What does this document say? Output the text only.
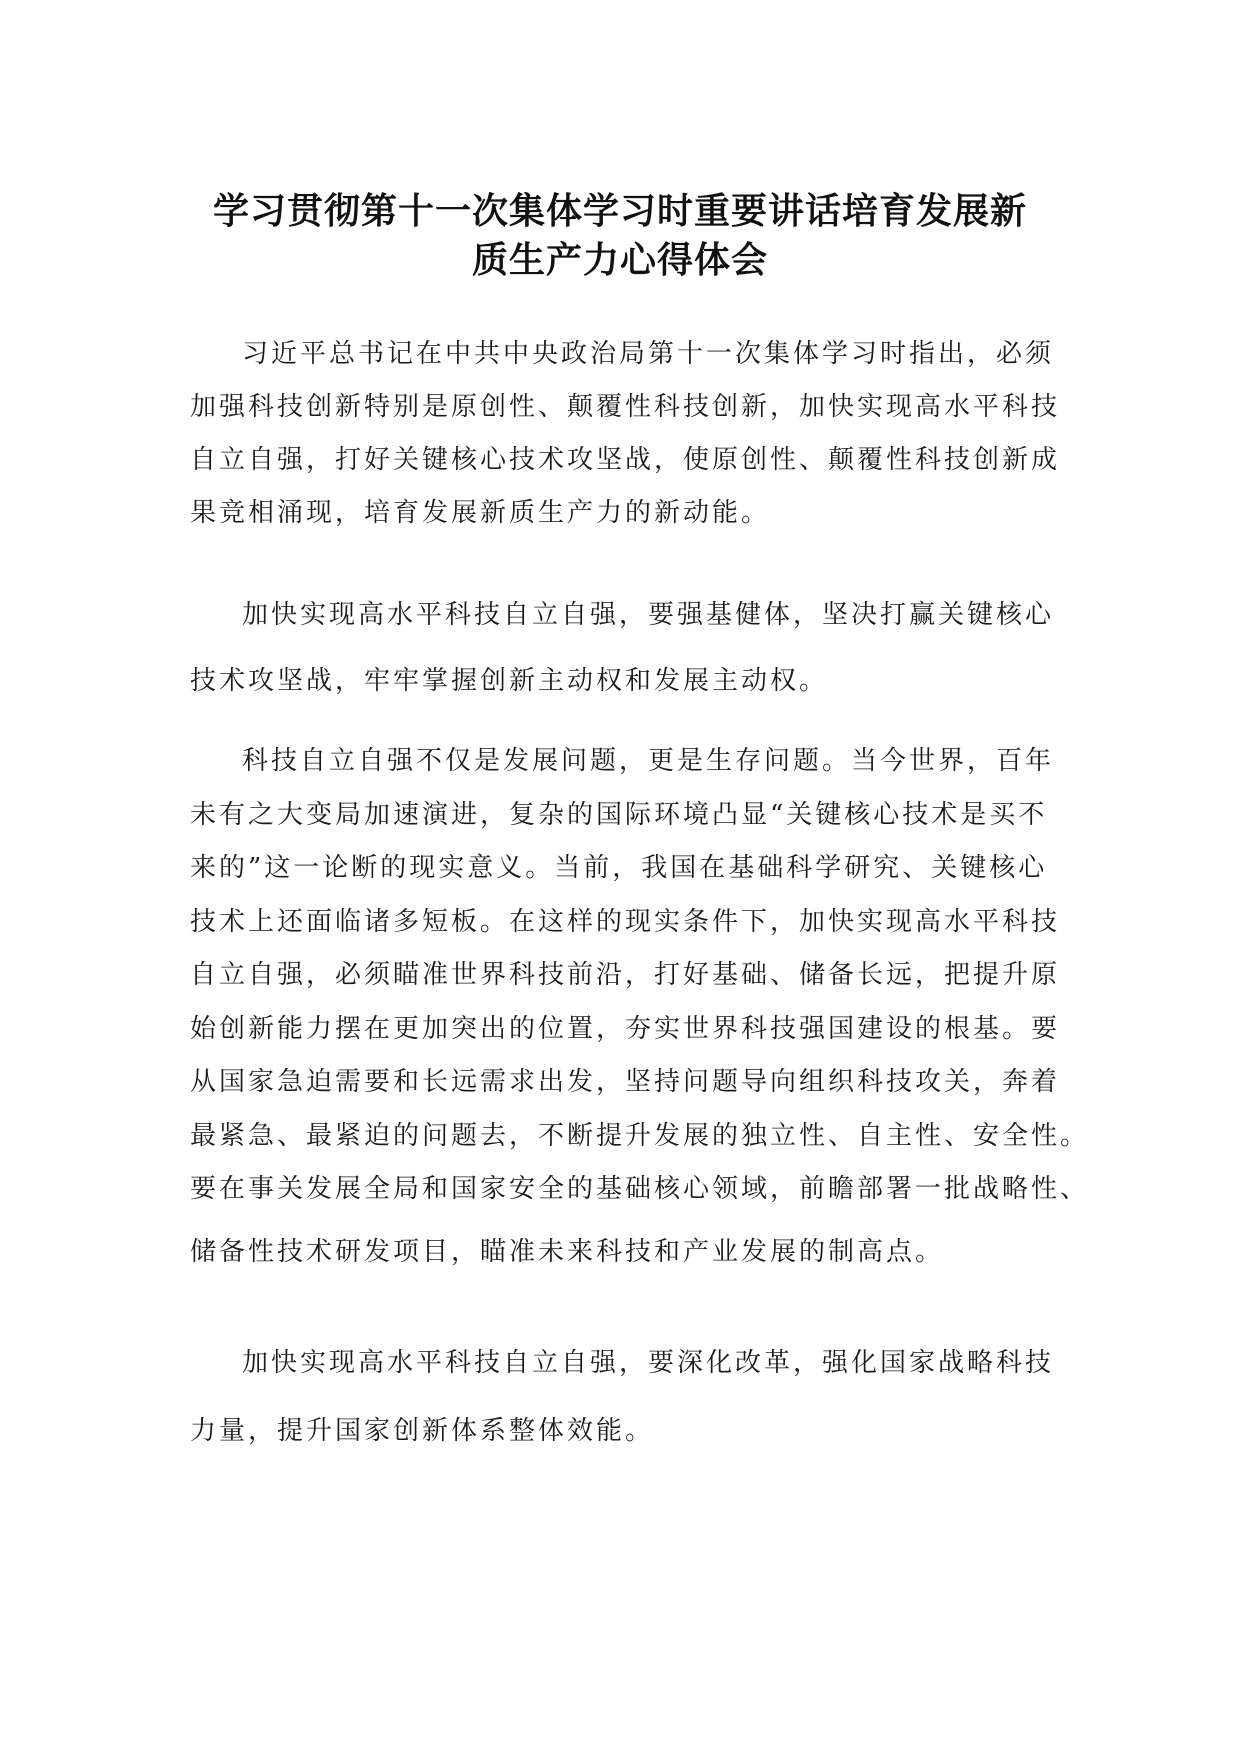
学习贯彻第十一次集体学习时重要讲话培育发展新
质生产力心得体会

习近平总书记在中共中央政治局第十一次集体学习时指出，必须
加强科技创新特别是原创性、颠覆性科技创新，加快实现高水平科技
自立自强，打好关键核心技术攻坚战，使原创性、颠覆性科技创新成
果竞相涌现，培育发展新质生产力的新动能。

加快实现高水平科技自立自强，要强基健体，坚决打赢关键核心
技术攻坚战，牢牢掌握创新主动权和发展主动权。

科技自立自强不仅是发展问题，更是生存问题。当今世界，百年
未有之大变局加速演进，复杂的国际环境凸显“关键核心技术是买不
来的”这一论断的现实意义。当前，我国在基础科学研究、关键核心
技术上还面临诸多短板。在这样的现实条件下，加快实现高水平科技
自立自强，必须瞄准世界科技前沿，打好基础、储备长远，把提升原
始创新能力摆在更加突出的位置，夯实世界科技强国建设的根基。要
从国家急迫需要和长远需求出发，坚持问题导向组织科技攻关，奔着
最紧急、最紧迫的问题去，不断提升发展的独立性、自主性、安全性。
要在事关发展全局和国家安全的基础核心领域，前瞻部署一批战略性、
储备性技术研发项目，瞄准未来科技和产业发展的制高点。

加快实现高水平科技自立自强，要深化改革，强化国家战略科技
力量，提升国家创新体系整体效能。
